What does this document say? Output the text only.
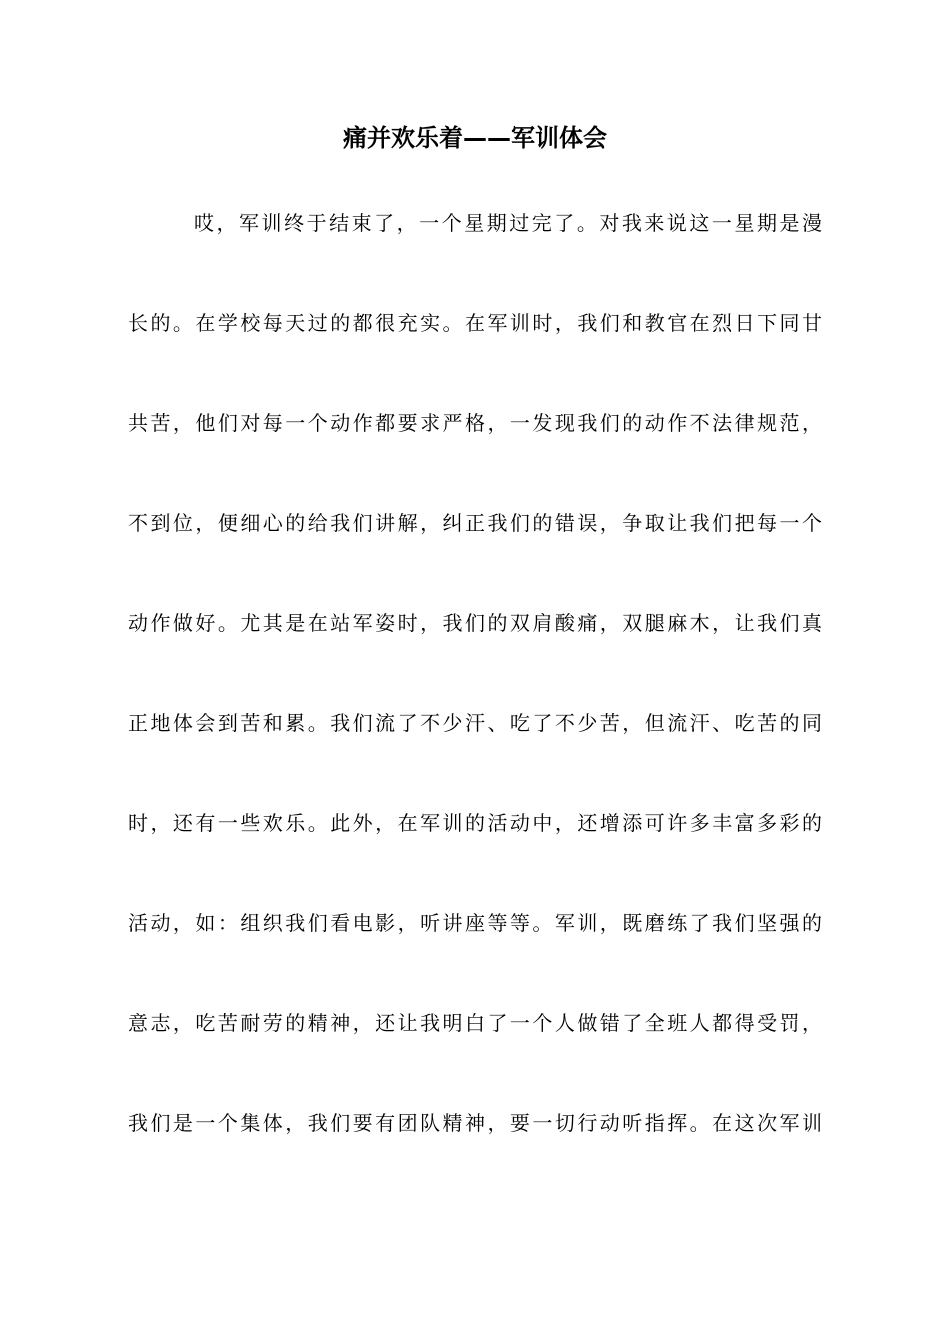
痛并欢乐着——军训体会
哎，军训终于结束了，一个星期过完了。对我来说这一星期是漫
长的。在学校每天过的都很充实。在军训时，我们和教官在烈日下同甘
共苦，他们对每一个动作都要求严格，一发现我们的动作不法律规范，
不到位，便细心的给我们讲解，纠正我们的错误，争取让我们把每一个
动作做好。尤其是在站军姿时，我们的双肩酸痛，双腿麻木，让我们真
正地体会到苦和累。我们流了不少汗、吃了不少苦，但流汗、吃苦的同
时，还有一些欢乐。此外，在军训的活动中，还增添可许多丰富多彩的
活动，如：组织我们看电影，听讲座等等。军训，既磨练了我们坚强的
意志，吃苦耐劳的精神，还让我明白了一个人做错了全班人都得受罚，
我们是一个集体，我们要有团队精神，要一切行动听指挥。在这次军训
